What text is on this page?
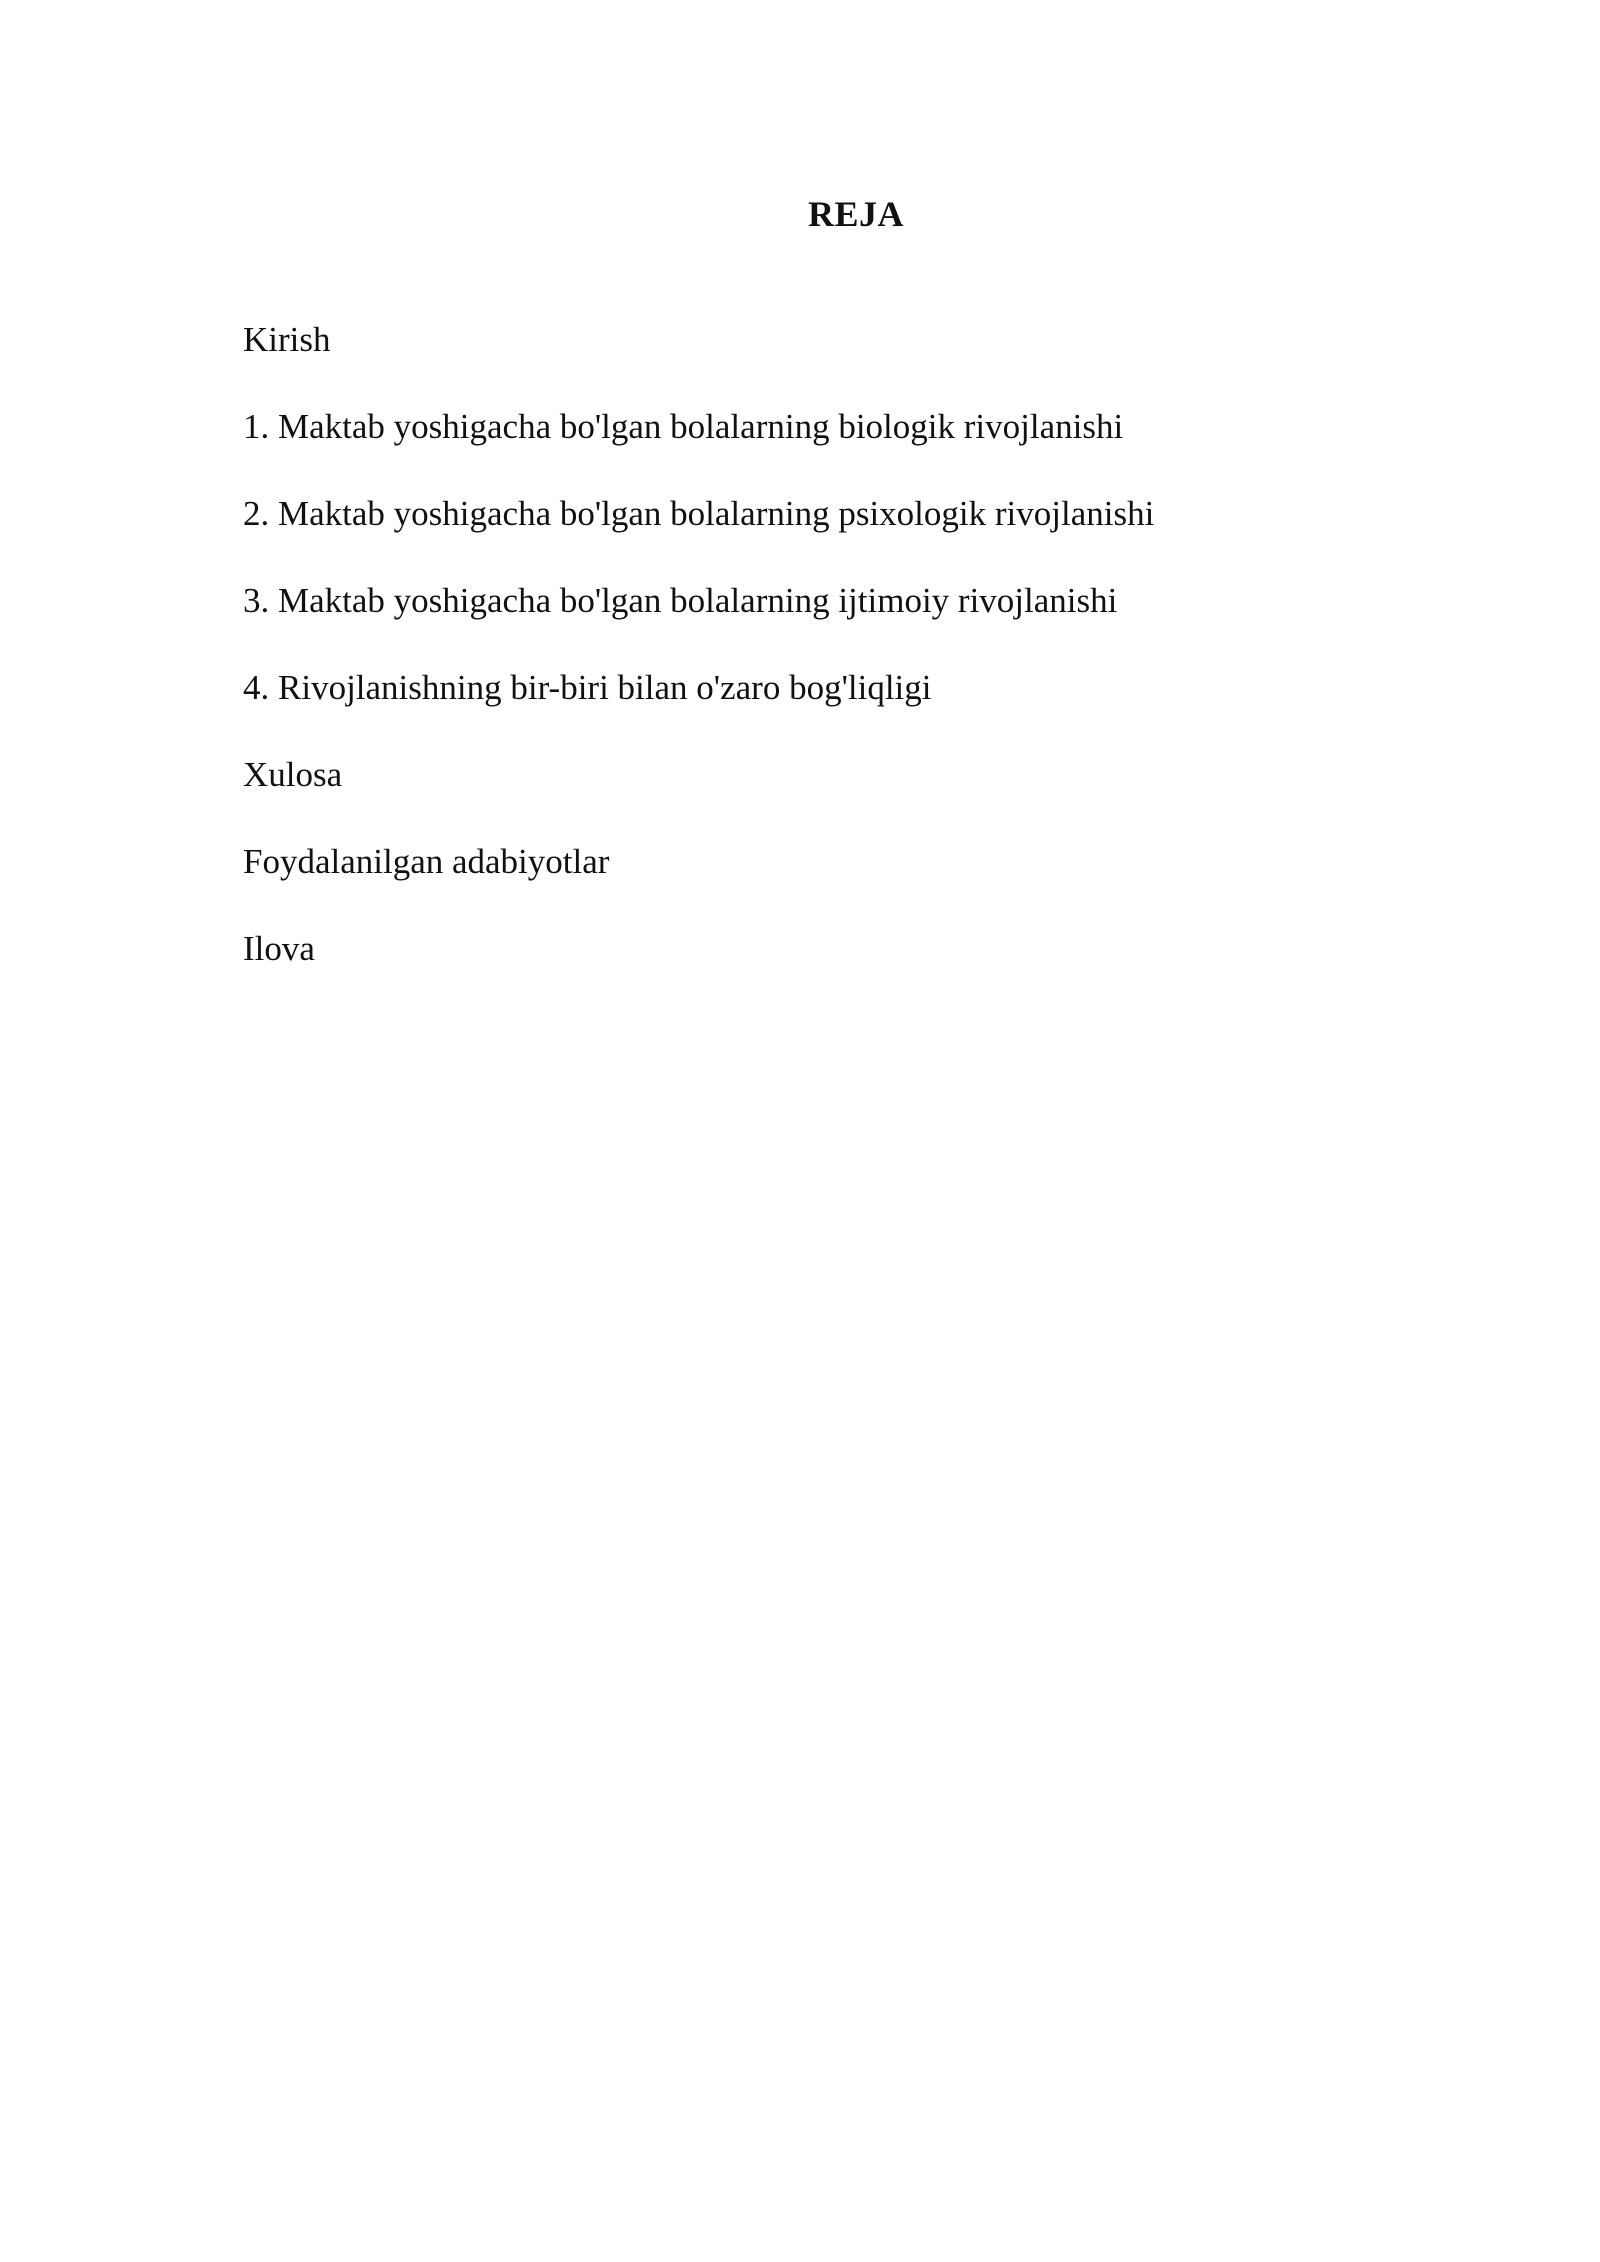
REJA
Kirish
1. Maktab yoshigacha bo'lgan bolalarning biologik rivojlanishi
2. Maktab yoshigacha bo'lgan bolalarning psixologik rivojlanishi
3. Maktab yoshigacha bo'lgan bolalarning ijtimoiy rivojlanishi
4. Rivojlanishning bir-biri bilan o'zaro bog'liqligi
Xulosa
Foydalanilgan adabiyotlar
Ilova
